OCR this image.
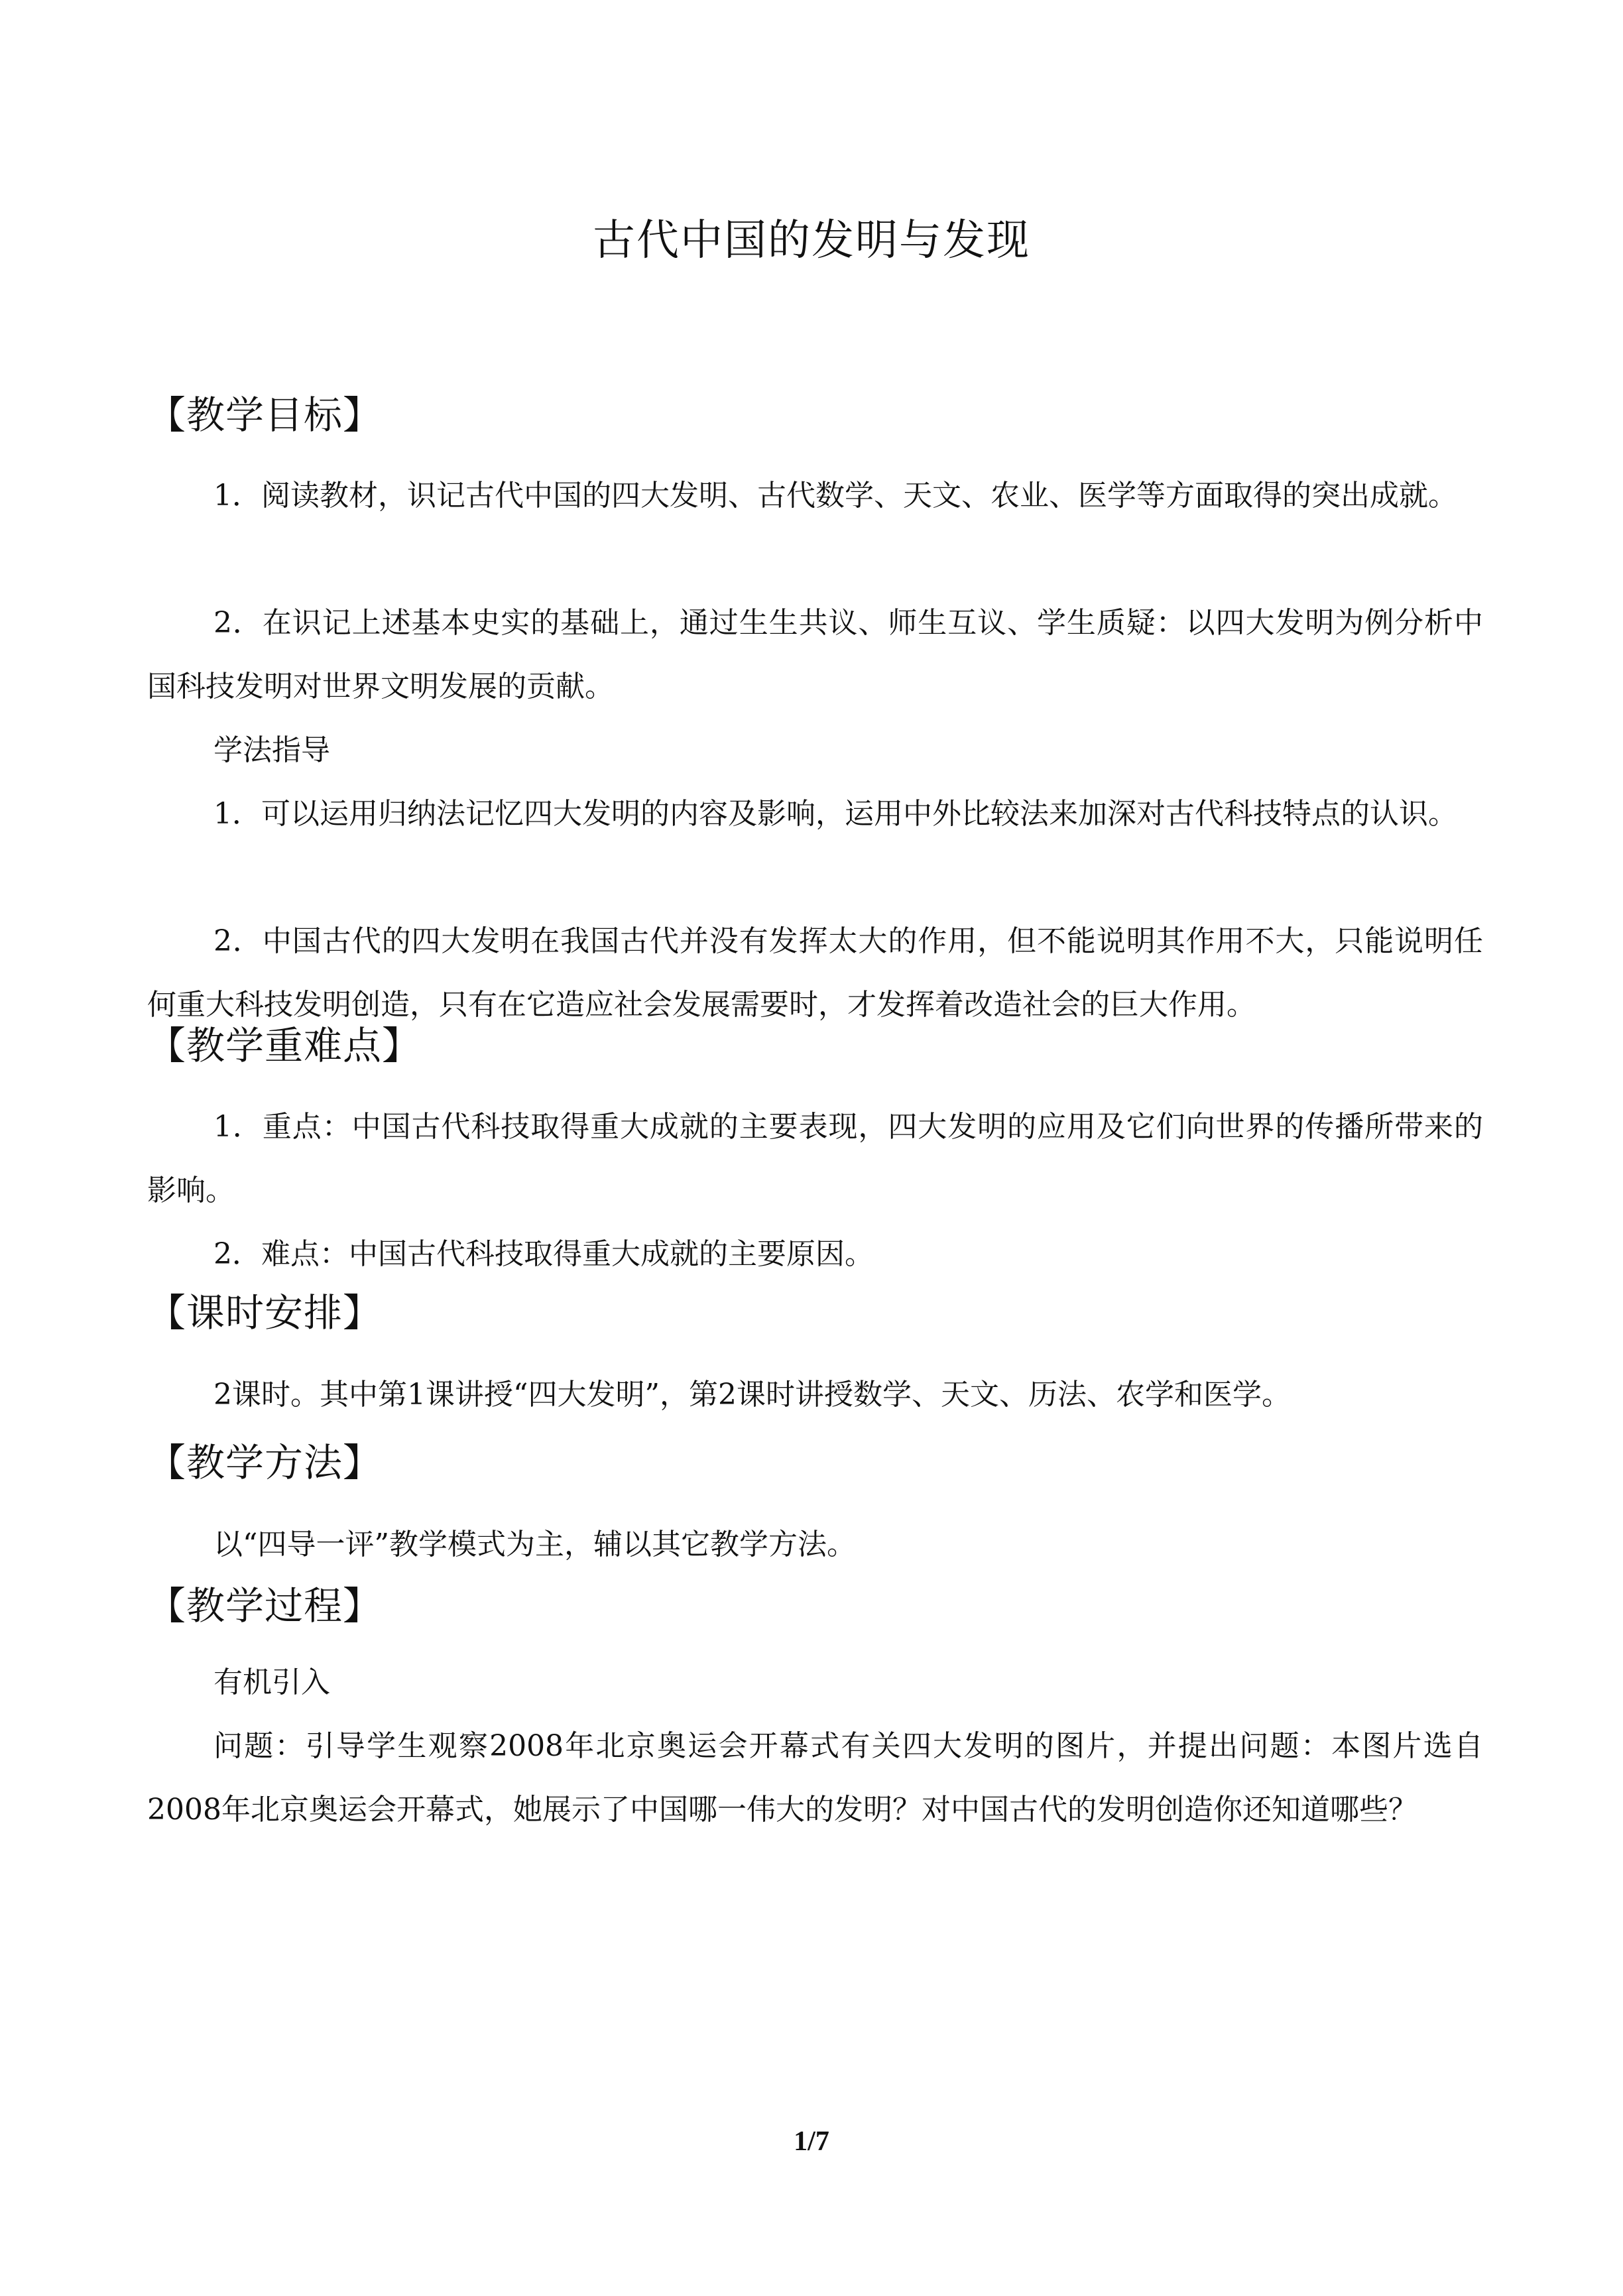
古代中国的发明与发现
【教学目标】
1．阅读教材，识记古代中国的四大发明、古代数学、天文、农业、医学等方面取得的突出成就。
2．在识记上述基本史实的基础上，通过生生共议、师生互议、学生质疑：以四大发明为例分析中国科技发明对世界文明发展的贡献。
学法指导
1．可以运用归纳法记忆四大发明的内容及影响，运用中外比较法来加深对古代科技特点的认识。
2．中国古代的四大发明在我国古代并没有发挥太大的作用，但不能说明其作用不大，只能说明任何重大科技发明创造，只有在它造应社会发展需要时，才发挥着改造社会的巨大作用。
【教学重难点】
1．重点：中国古代科技取得重大成就的主要表现，四大发明的应用及它们向世界的传播所带来的影响。
2．难点：中国古代科技取得重大成就的主要原因。
【课时安排】
2课时。其中第1课讲授“四大发明”，第2课时讲授数学、天文、历法、农学和医学。
【教学方法】
以“四导一评”教学模式为主，辅以其它教学方法。
【教学过程】
有机引入
问题：引导学生观察2008年北京奥运会开幕式有关四大发明的图片，并提出问题：本图片选自2008年北京奥运会开幕式，她展示了中国哪一伟大的发明？对中国古代的发明创造你还知道哪些？
1/7
